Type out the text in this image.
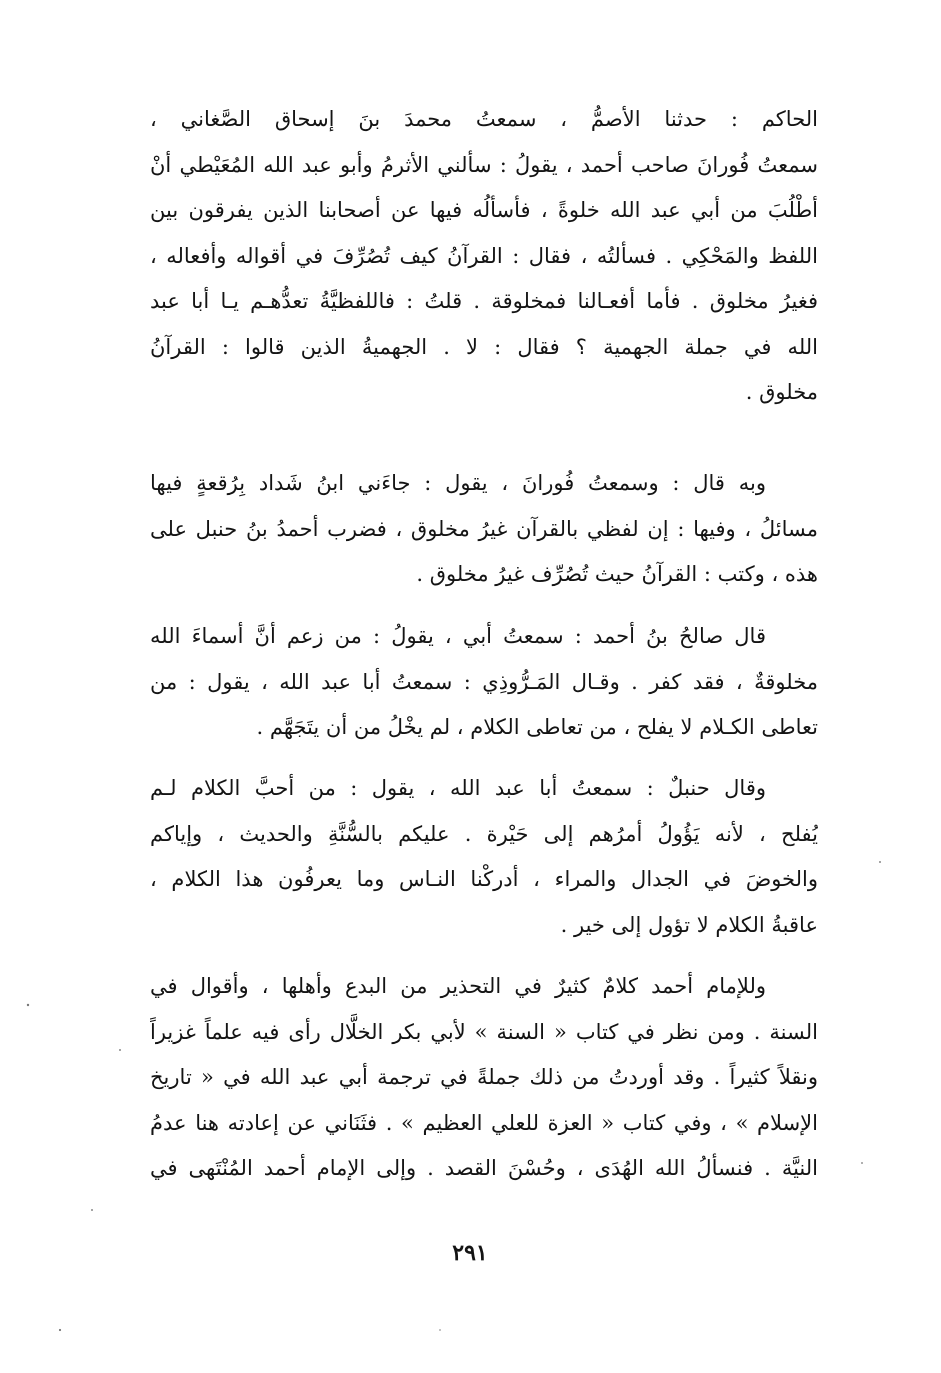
الحاكم : حدثنا الأصمُّ ، سمعتُ محمدَ بنَ إسحاق الصَّغاني ،
سمعتُ فُورانَ صاحب أحمد ، يقولُ : سألني الأثرمُ وأبو عبد الله المُعَيْطي أنْ
أطْلُبَ من أبي عبد الله خلوةً ، فأسألُه فيها عن أصحابنا الذين يفرقون بين
اللفظ والمَحْكِي . فسألتُه ، فقال : القرآنُ كيف تُصُرِّفَ في أقواله وأفعاله ،
فغيرُ مخلوق . فأما أفعـالنا فمخلوقة . قلتُ : فاللفظيَّةُ تعدُّهـم يـا أبا عبد
الله في جملة الجهمية ؟ فقال : لا . الجهميةُ الذين قالوا : القرآنُ
مخلوق .
وبه قال : وسمعتُ فُورانَ ، يقول : جاءَني ابنُ شَداد بِرُقعةٍ فيها
مسائلُ ، وفيها : إن لفظي بالقرآن غيرُ مخلوق ، فضرب أحمدُ بنُ حنبل على
هذه ، وكتب : القرآنُ حيث تُصُرِّف غيرُ مخلوق .
قال صالحُ بنُ أحمد : سمعتُ أبي ، يقولُ : من زعم أنَّ أسماءَ الله
مخلوقةٌ ، فقد كفر . وقـال المَـرُّوذِي : سمعتُ أبا عبد الله ، يقول : من
تعاطى الكـلام لا يفلح ، من تعاطى الكلام ، لم يخْلُ من أن يتَجَهَّم .
وقال حنبلٌ : سمعتُ أبا عبد الله ، يقول : من أحبَّ الكلام لـم
يُفلح ، لأنه يَؤُولُ أمرُهم إلى حَيْرة . عليكم بالسُّنَّةِ والحديث ، وإياكم
والخوضَ في الجدال والمراء ، أدركْنا النـاس وما يعرفُون هذا الكلام ،
عاقبةُ الكلام لا تؤول إلى خير .
وللإمام أحمد كلامٌ كثيرٌ في التحذير من البدع وأهلها ، وأقوال في
السنة . ومن نظر في كتاب « السنة » لأبي بكر الخلَّال رأى فيه علماً غزيراً
ونقلاً كثيراً . وقد أوردتُ من ذلك جملةً في ترجمة أبي عبد الله في « تاريخ
الإسلام » ، وفي كتاب « العزة للعلي العظيم » . فثَنَاني عن إعادته هنا عدمُ
النيَّة . فنسألُ الله الهُدَى ، وحُسْنَ القصد . وإلى الإمام أحمد المُنْتَهى في
٢٩١
